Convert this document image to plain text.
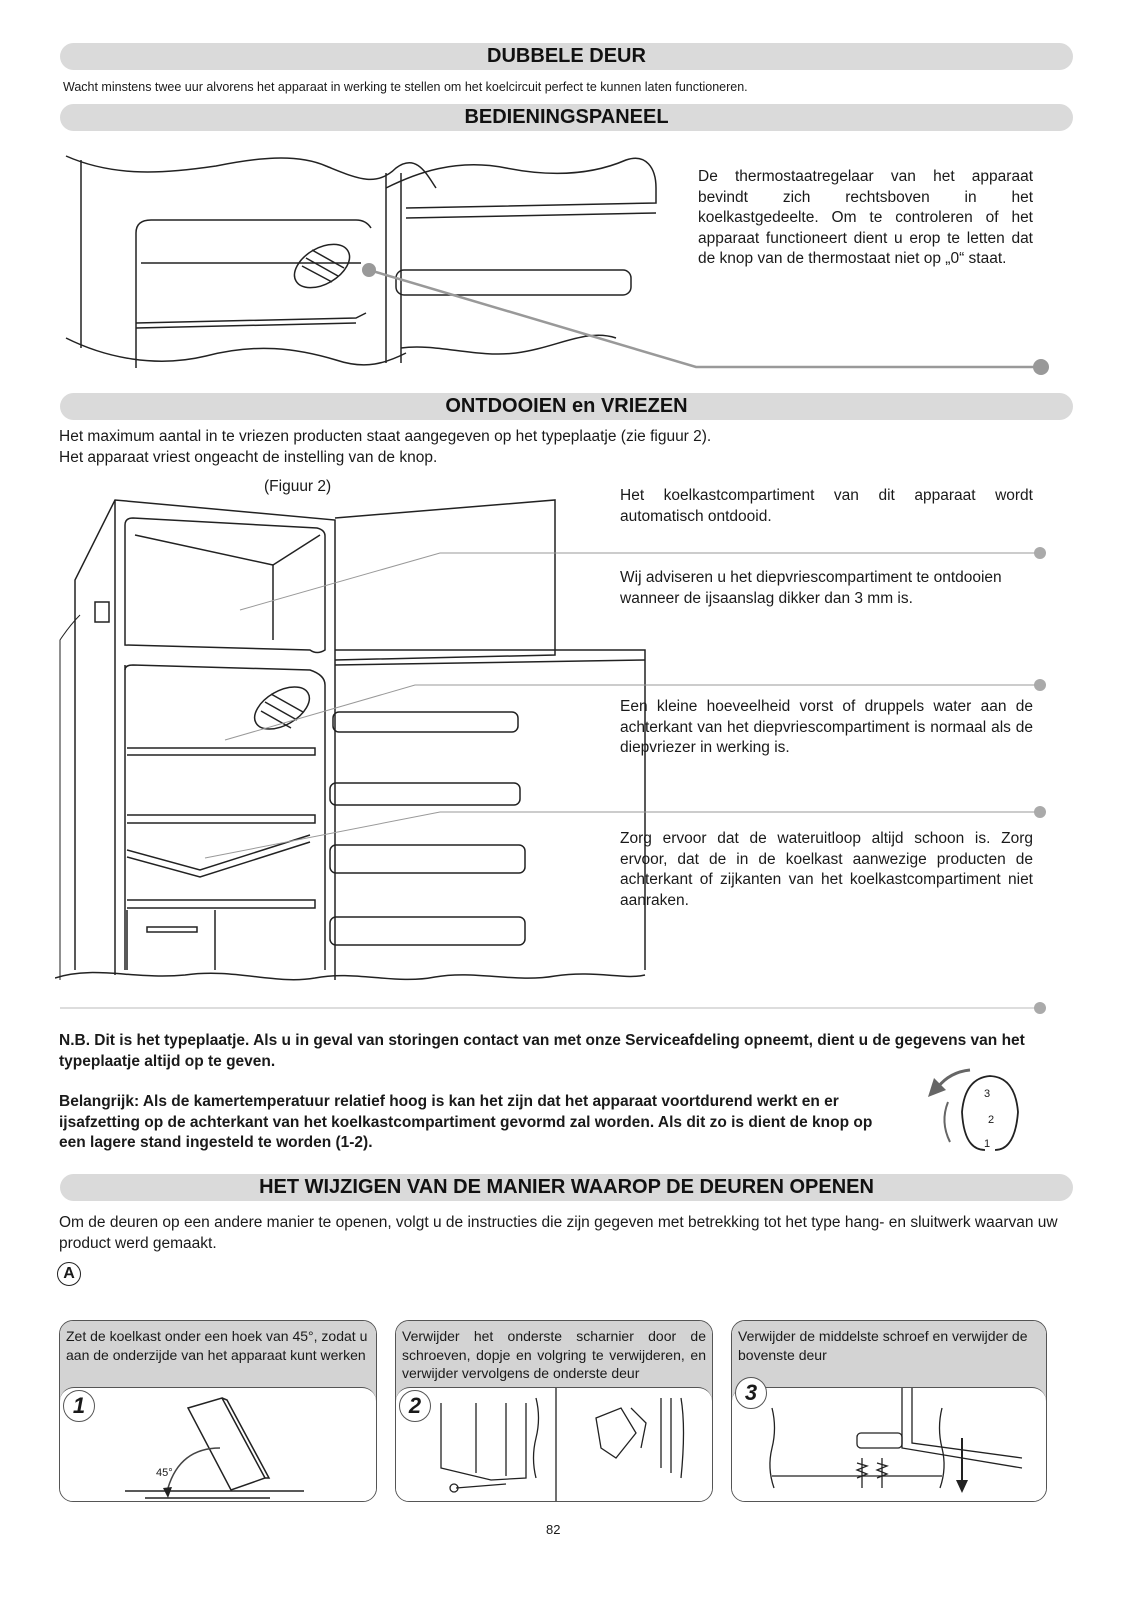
DUBBELE DEUR
Wacht minstens twee uur alvorens het apparaat in werking te stellen om het koelcircuit perfect te kunnen laten functioneren.
BEDIENINGSPANEEL
De thermostaatregelaar van het apparaat bevindt zich rechtsboven in het koelkastgedeelte. Om te controleren of het apparaat functioneert dient u erop te letten dat de knop van de thermostaat niet op „0“ staat.
ONTDOOIEN en VRIEZEN
Het maximum aantal in te vriezen producten staat aangegeven op het typeplaatje (zie figuur 2).
Het apparaat vriest ongeacht de instelling van de knop.
(Figuur 2)
Het koelkastcompartiment van dit apparaat wordt automatisch ontdooid.
Wij adviseren u het diepvriescompartiment te ontdooien wanneer de ijsaanslag dikker dan 3 mm is.
Een kleine hoeveelheid vorst of druppels water aan de achterkant van het diepvriescompartiment is normaal als de diepvriezer in werking is.
Zorg ervoor dat de wateruitloop altijd schoon is. Zorg ervoor, dat de in de koelkast aanwezige producten de achterkant of zijkanten van het koelkastcompartiment niet aanraken.
N.B. Dit is het typeplaatje. Als u in geval van storingen contact van met onze Serviceafdeling opneemt, dient u de gegevens van het typeplaatje altijd op te geven.
Belangrijk: Als de kamertemperatuur relatief hoog is kan het zijn dat het apparaat voortdurend werkt en er ijsafzetting op de achterkant van het koelkastcompartiment gevormd zal worden. Als dit zo is dient de knop op een lagere stand ingesteld te worden (1-2).
3
2
1
HET WIJZIGEN VAN DE MANIER WAAROP DE DEUREN OPENEN
Om de deuren op een andere manier te openen, volgt u de instructies die zijn gegeven met betrekking tot het type hang- en sluitwerk waarvan uw product werd gemaakt.
A
Zet de koelkast onder een hoek van 45°, zodat u aan de onderzijde van het apparaat kunt werken
1
45°
Verwijder het onderste scharnier door de schroeven, dopje en volgring te verwijderen, en verwijder vervolgens de onderste deur
2
Verwijder de middelste schroef en verwijder de bovenste deur
3
82
